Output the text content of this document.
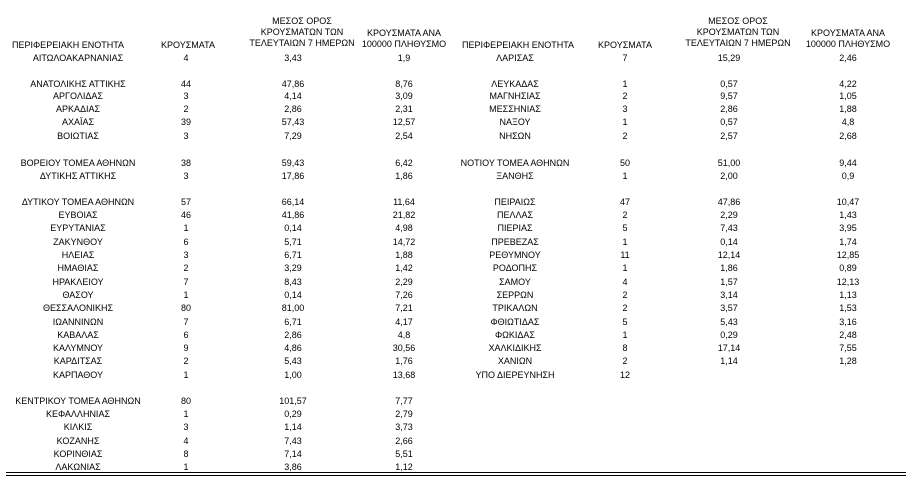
ΠΕΡΙΦΕΡΕΙΑΚΗ ΕΝΟΤΗΤΑ	ΚΡΟΥΣΜΑΤΑ
ΜΕΣΟΣ ΟΡΟΣ ΚΡΟΥΣΜΑΤΩΝ ΤΩΝ ΤΕΛΕΥΤΑΙΩΝ 7 ΗΜΕΡΩΝ
ΚΡΟΥΣΜΑΤΑ ΑΝΑ 100000 ΠΛΗΘΥΣΜΟ	ΠΕΡΙΦΕΡΕΙΑΚΗ ΕΝΟΤΗΤΑ	ΚΡΟΥΣΜΑΤΑ
ΜΕΣΟΣ ΟΡΟΣ ΚΡΟΥΣΜΑΤΩΝ ΤΩΝ ΤΕΛΕΥΤΑΙΩΝ 7 ΗΜΕΡΩΝ
ΚΡΟΥΣΜΑΤΑ ΑΝΑ 100000 ΠΛΗΘΥΣΜΟ
ΑΙΤΩΛΟΑΚΑΡΝΑΝΙΑΣ	4	3,43	1,9
ΑΝΑΤΟΛΙΚΗΣ ΑΤΤΙΚΗΣ	44	47,86	8,76
ΑΡΓΟΛΙΔΑΣ	3	4,14	3,09
ΑΡΚΑΔΙΑΣ	2	2,86	2,31
ΑΧΑΪΑΣ	39	57,43	12,57
ΒΟΙΩΤΙΑΣ	3	7,29	2,54
ΒΟΡΕΙΟΥ ΤΟΜΕΑ ΑΘΗΝΩΝ	38	59,43	6,42
ΔΥΤΙΚΗΣ ΑΤΤΙΚΗΣ	3	17,86	1,86
ΔΥΤΙΚΟΥ ΤΟΜΕΑ ΑΘΗΝΩΝ	57	66,14	11,64
ΕΥΒΟΙΑΣ	46	41,86	21,82
ΕΥΡΥΤΑΝΙΑΣ	1	0,14	4,98
ΖΑΚΥΝΘΟΥ	6	5,71	14,72
ΗΛΕΙΑΣ	3	6,71	1,88
ΗΜΑΘΙΑΣ	2	3,29	1,42
ΗΡΑΚΛΕΙΟΥ	7	8,43	2,29
ΘΑΣΟΥ	1	0,14	7,26
ΘΕΣΣΑΛΟΝΙΚΗΣ	80	81,00	7,21
ΙΩΑΝΝΙΝΩΝ	7	6,71	4,17
ΚΑΒΑΛΑΣ	6	2,86	4,8
ΚΑΛΥΜΝΟΥ	9	4,86	30,56
ΚΑΡΔΙΤΣΑΣ	2	5,43	1,76
ΚΑΡΠΑΘΟΥ	1	1,00	13,68
ΚΕΝΤΡΙΚΟΥ ΤΟΜΕΑ ΑΘΗΝΩΝ	80	101,57	7,77
ΚΕΦΑΛΛΗΝΙΑΣ	1	0,29	2,79
ΚΙΛΚΙΣ	3	1,14	3,73
ΚΟΖΑΝΗΣ	4	7,43	2,66
ΚΟΡΙΝΘΙΑΣ	8	7,14	5,51
ΛΑΚΩΝΙΑΣ	1	3,86	1,12
ΛΑΡΙΣΑΣ	7	15,29	2,46
ΛΕΥΚΑΔΑΣ	1	0,57	4,22
ΜΑΓΝΗΣΙΑΣ	2	9,57	1,05
ΜΕΣΣΗΝΙΑΣ	3	2,86	1,88
ΝΑΞΟΥ	1	0,57	4,8
ΝΗΣΩΝ	2	2,57	2,68
ΝΟΤΙΟΥ ΤΟΜΕΑ ΑΘΗΝΩΝ	50	51,00	9,44
ΞΑΝΘΗΣ	1	2,00	0,9
ΠΕΙΡΑΙΩΣ	47	47,86	10,47
ΠΕΛΛΑΣ	2	2,29	1,43
ΠΙΕΡΙΑΣ	5	7,43	3,95
ΠΡΕΒΕΖΑΣ	1	0,14	1,74
ΡΕΘΥΜΝΟΥ	11	12,14	12,85
ΡΟΔΟΠΗΣ	1	1,86	0,89
ΣΑΜΟΥ	4	1,57	12,13
ΣΕΡΡΩΝ	2	3,14	1,13
ΤΡΙΚΑΛΩΝ	2	3,57	1,53
ΦΘΙΩΤΙΔΑΣ	5	5,43	3,16
ΦΩΚΙΔΑΣ	1	0,29	2,48
ΧΑΛΚΙΔΙΚΗΣ	8	17,14	7,55
ΧΑΝΙΩΝ	2	1,14	1,28
ΥΠΟ ΔΙΕΡΕΥΝΗΣΗ	12
